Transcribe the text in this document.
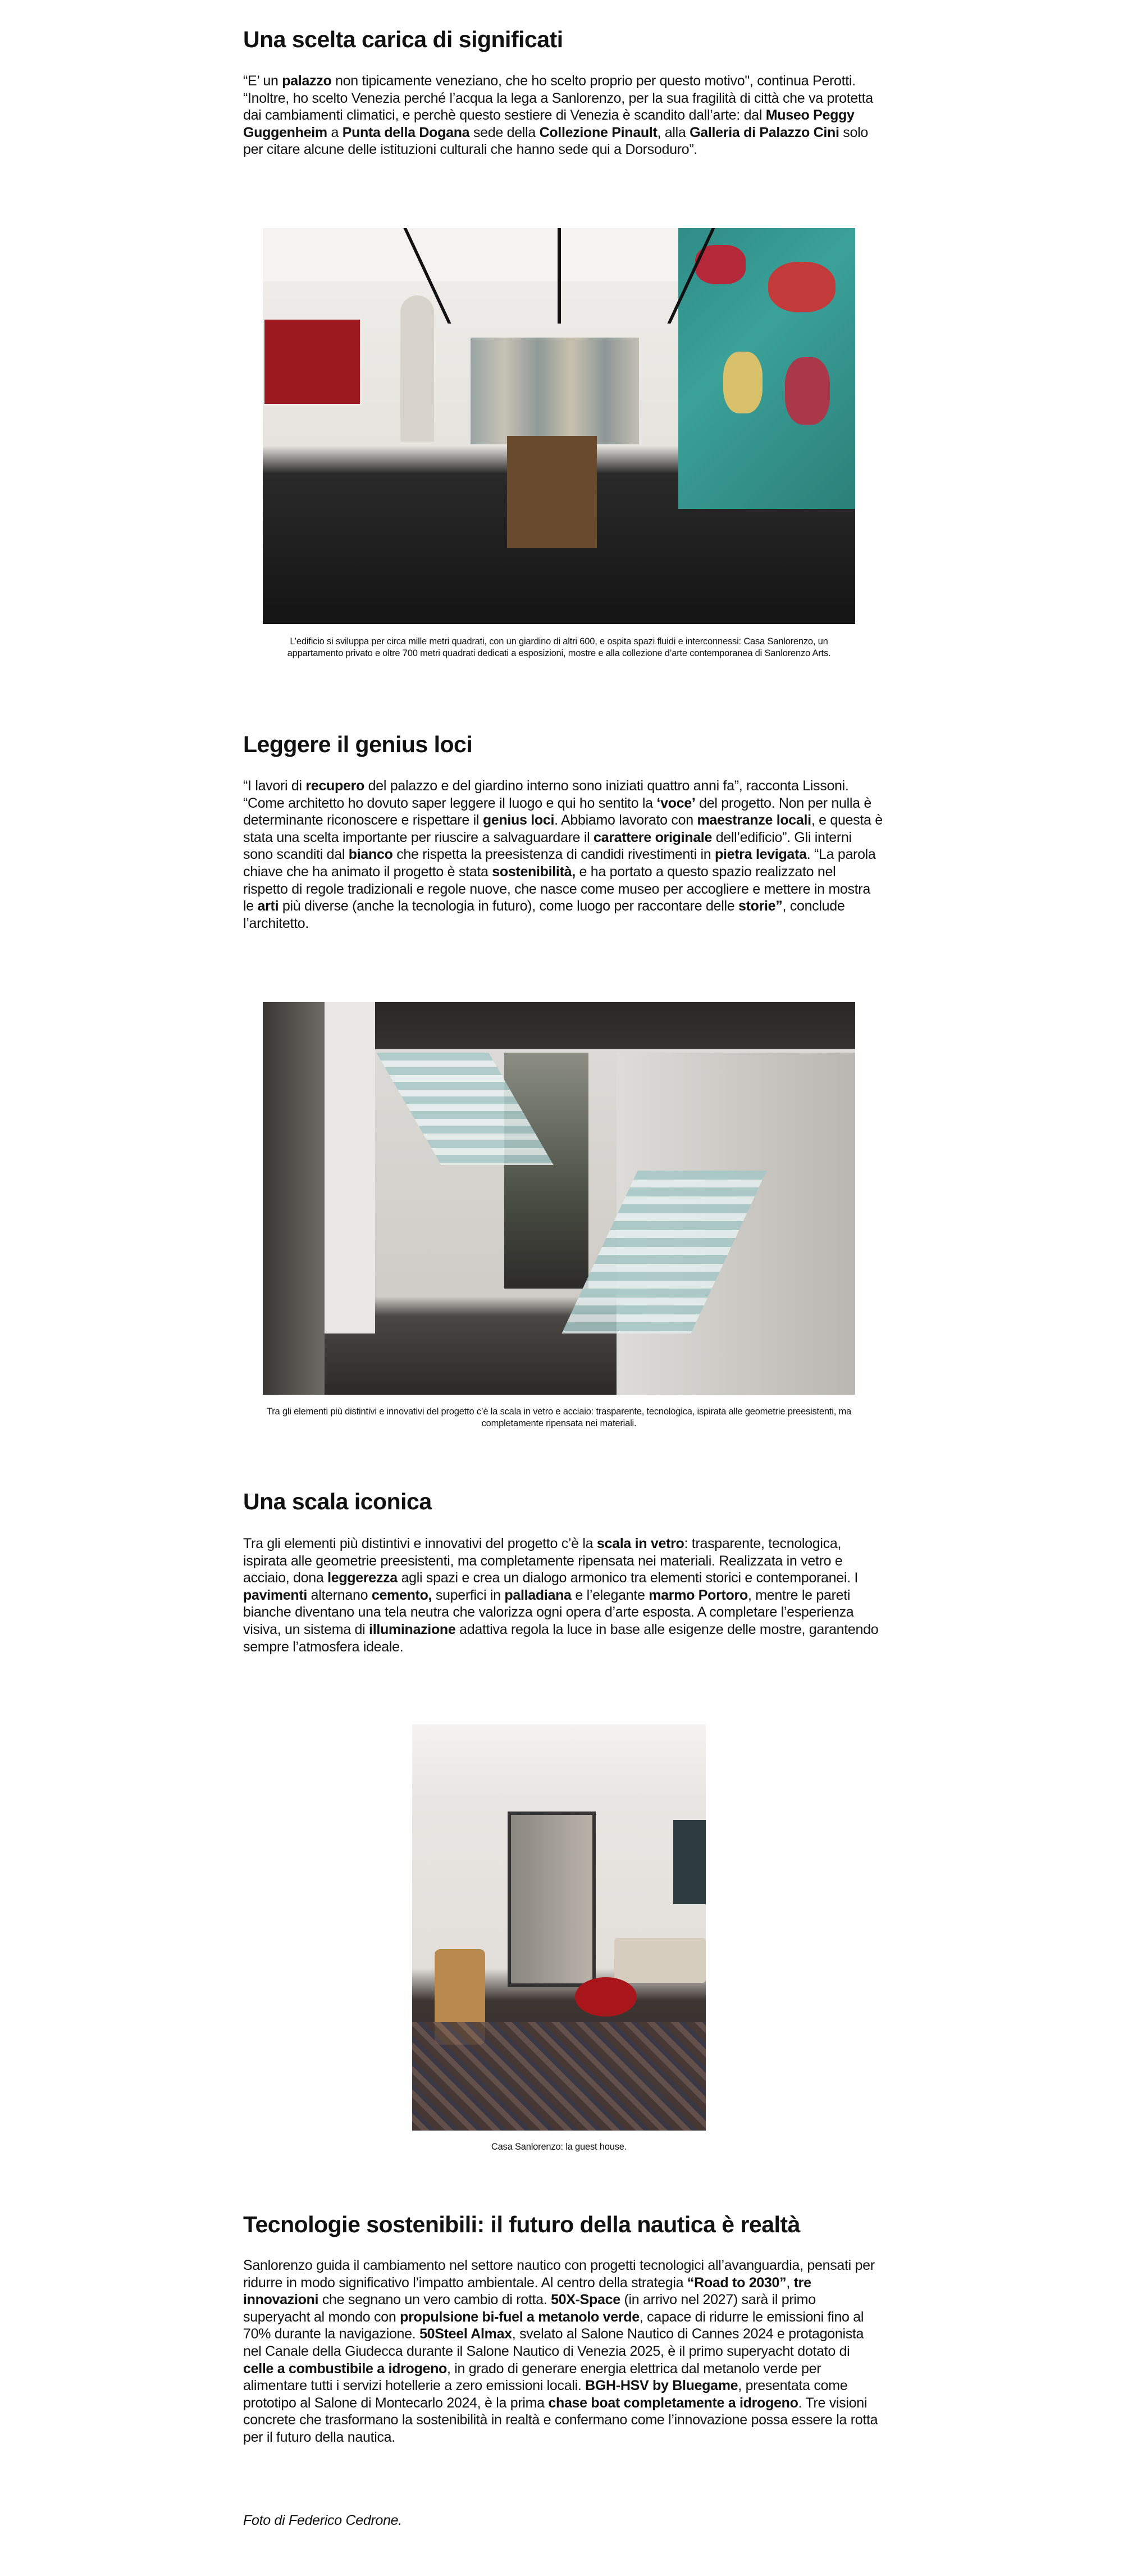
Una scelta carica di significati

“E’ un palazzo non tipicamente veneziano, che ho scelto proprio per questo motivo", continua Perotti. “Inoltre, ho scelto Venezia perché l’acqua la lega a Sanlorenzo, per la sua fragilità di città che va protetta dai cambiamenti climatici, e perchè questo sestiere di Venezia è scandito dall’arte: dal Museo Peggy Guggenheim a Punta della Dogana sede della Collezione Pinault, alla Galleria di Palazzo Cini solo per citare alcune delle istituzioni culturali che hanno sede qui a Dorsoduro”.

L’edificio si sviluppa per circa mille metri quadrati, con un giardino di altri 600, e ospita spazi fluidi e interconnessi: Casa Sanlorenzo, un appartamento privato e oltre 700 metri quadrati dedicati a esposizioni, mostre e alla collezione d’arte contemporanea di Sanlorenzo Arts.

Leggere il genius loci

“I lavori di recupero del palazzo e del giardino interno sono iniziati quattro anni fa”, racconta Lissoni. “Come architetto ho dovuto saper leggere il luogo e qui ho sentito la ‘voce’ del progetto. Non per nulla è determinante riconoscere e rispettare il genius loci. Abbiamo lavorato con maestranze locali, e questa è stata una scelta importante per riuscire a salvaguardare il carattere originale dell’edificio”. Gli interni sono scanditi dal bianco che rispetta la preesistenza di candidi rivestimenti in pietra levigata. “La parola chiave che ha animato il progetto è stata sostenibilità, e ha portato a questo spazio realizzato nel rispetto di regole tradizionali e regole nuove, che nasce come museo per accogliere e mettere in mostra le arti più diverse (anche la tecnologia in futuro), come luogo per raccontare delle storie”, conclude l’architetto.

Tra gli elementi più distintivi e innovativi del progetto c’è la scala in vetro e acciaio: trasparente, tecnologica, ispirata alle geometrie preesistenti, ma completamente ripensata nei materiali.

Una scala iconica

Tra gli elementi più distintivi e innovativi del progetto c’è la scala in vetro: trasparente, tecnologica, ispirata alle geometrie preesistenti, ma completamente ripensata nei materiali. Realizzata in vetro e acciaio, dona leggerezza agli spazi e crea un dialogo armonico tra elementi storici e contemporanei. I pavimenti alternano cemento, superfici in palladiana e l’elegante marmo Portoro, mentre le pareti bianche diventano una tela neutra che valorizza ogni opera d’arte esposta. A completare l’esperienza visiva, un sistema di illuminazione adattiva regola la luce in base alle esigenze delle mostre, garantendo sempre l’atmosfera ideale.

Casa Sanlorenzo: la guest house.

Tecnologie sostenibili: il futuro della nautica è realtà

Sanlorenzo guida il cambiamento nel settore nautico con progetti tecnologici all’avanguardia, pensati per ridurre in modo significativo l’impatto ambientale. Al centro della strategia “Road to 2030”, tre innovazioni che segnano un vero cambio di rotta. 50X-Space (in arrivo nel 2027) sarà il primo superyacht al mondo con propulsione bi-fuel a metanolo verde, capace di ridurre le emissioni fino al 70% durante la navigazione. 50Steel Almax, svelato al Salone Nautico di Cannes 2024 e protagonista nel Canale della Giudecca durante il Salone Nautico di Venezia 2025, è il primo superyacht dotato di celle a combustibile a idrogeno, in grado di generare energia elettrica dal metanolo verde per alimentare tutti i servizi hotellerie a zero emissioni locali. BGH-HSV by Bluegame, presentata come prototipo al Salone di Montecarlo 2024, è la prima chase boat completamente a idrogeno. Tre visioni concrete che trasformano la sostenibilità in realtà e confermano come l’innovazione possa essere la rotta per il futuro della nautica.

Foto di Federico Cedrone.
